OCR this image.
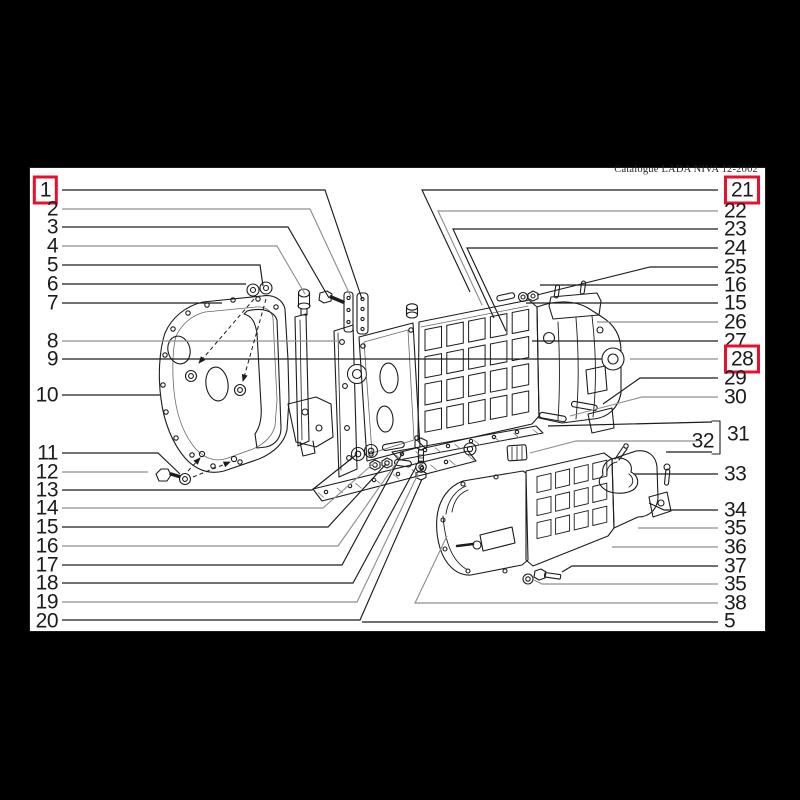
Catalogue LADA NIVA 12-2002
1
2
3
4
5
6
7
8
9
10
11
12
13
14
15
16
17
18
19
20
21
22
23
24
25
16
15
26
27
28
29
30
31
32
33
34
35
36
37
35
38
5
